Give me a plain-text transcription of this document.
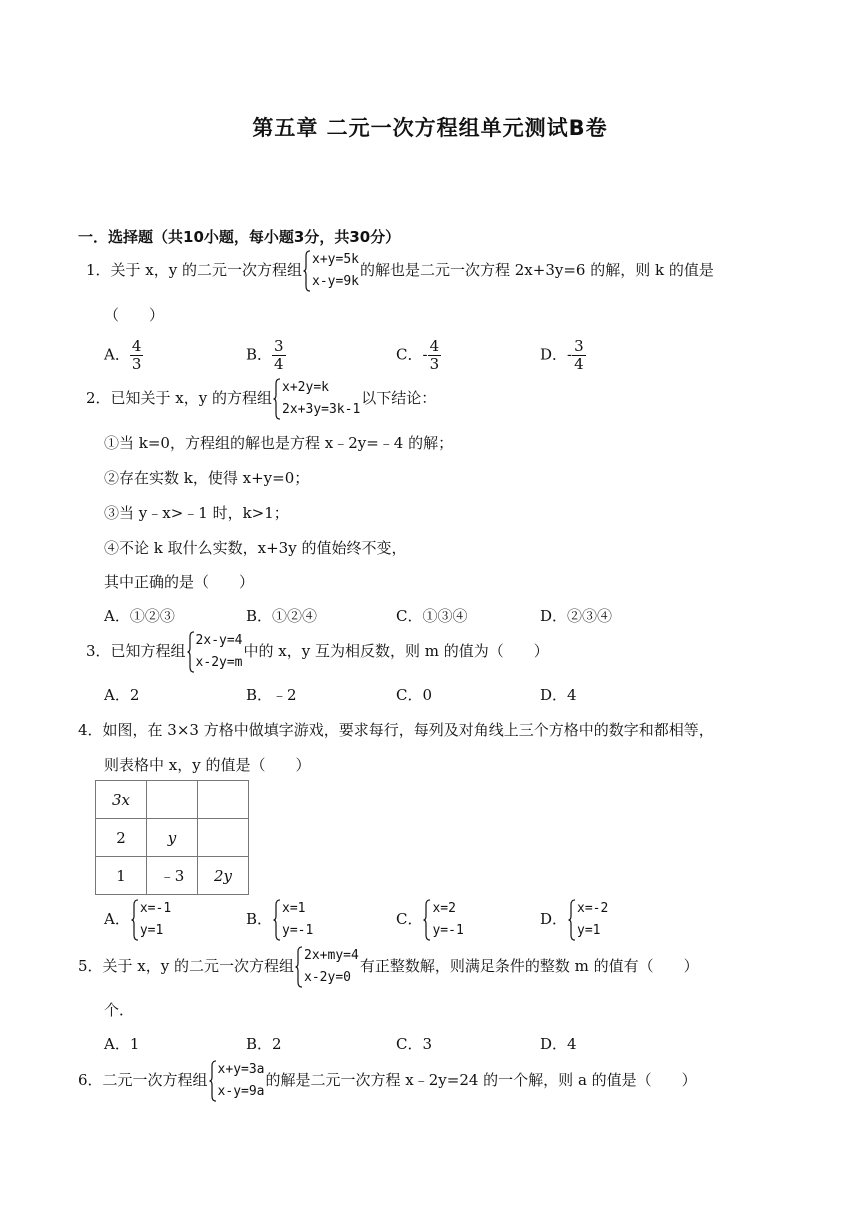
第五章 二元一次方程组单元测试B卷
一．选择题（共10小题，每小题3分，共30分）
1．关于 x，y 的二元一次方程组
x+y=5k
x-y=9k
的解也是二元一次方程 2x+3y=6 的解，则 k 的值是
（　　）
A． $\frac{4}{3}$	B． $\frac{3}{4}$	C．- $\frac{4}{3}$	D．- $\frac{3}{4}$
2．已知关于 x，y 的方程组
x+2y=k
2x+3y=3k-1
以下结论：
①当 k=0，方程组的解也是方程 x﹣2y=﹣4 的解；
②存在实数 k，使得 x+y=0；
③当 y﹣x>﹣1 时，k>1；
④不论 k 取什么实数，x+3y 的值始终不变，
其中正确的是（　　）
A．①②③	B．①②④	C．①③④	D．②③④
3．已知方程组
2x-y=4
x-2y=m
中的 x，y 互为相反数，则 m 的值为（　　）
A．2	B．﹣2	C．0	D．4
4．如图，在 3×3 方格中做填字游戏，要求每行，每列及对角线上三个方格中的数字和都相等，
则表格中 x，y 的值是（　　）
3x		
2	y	
1	﹣3	2y
A．
x=-1
y=1
B．
x=1
y=-1
C．
x=2
y=-1
D．
x=-2
y=1
5．关于 x，y 的二元一次方程组
2x+my=4
x-2y=0
有正整数解，则满足条件的整数 m 的值有（　　）
个．
A．1	B．2	C．3	D．4
6．二元一次方程组
x+y=3a
x-y=9a
的解是二元一次方程 x﹣2y=24 的一个解，则 a 的值是（　　）
